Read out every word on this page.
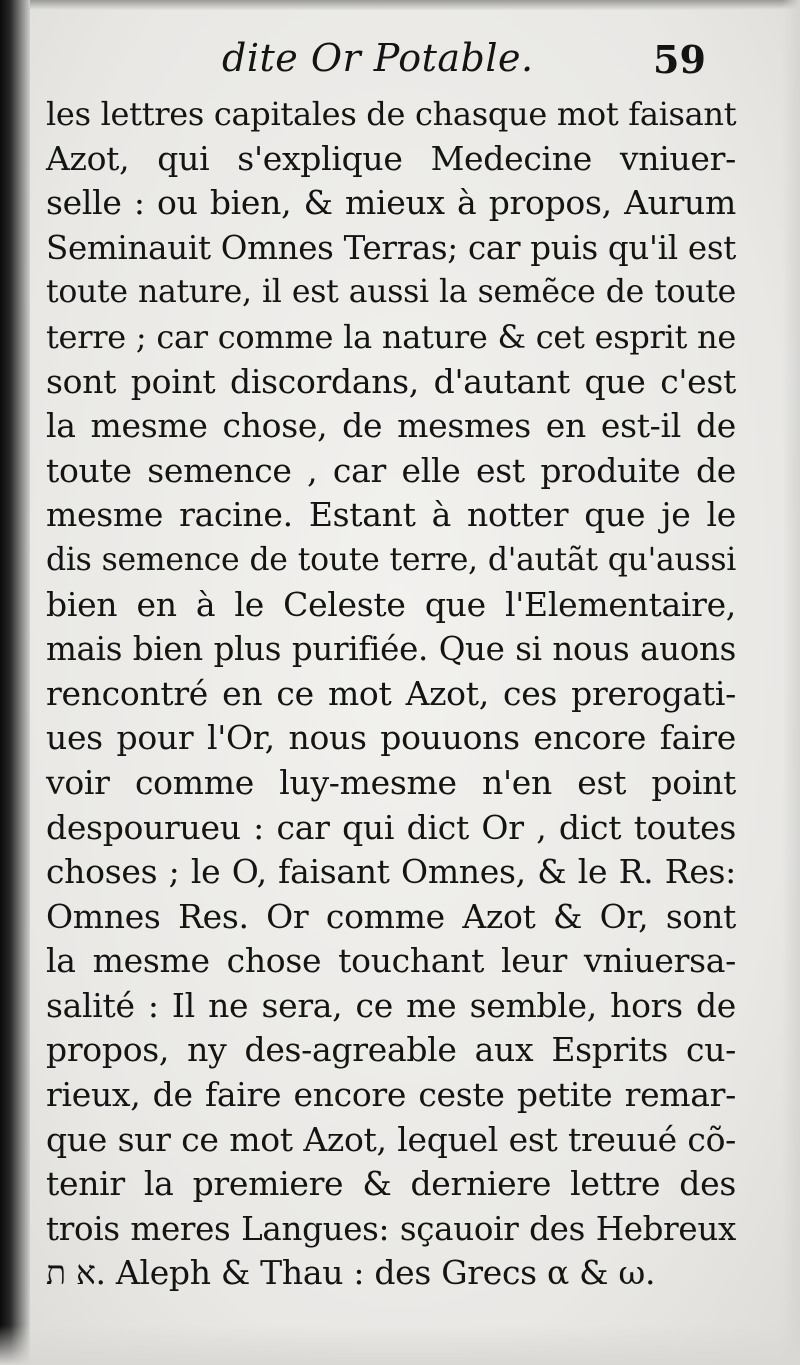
dite Or Potable.	59
les lettres capitales de chasque mot faisant
Azot, qui s'explique Medecine vniuer-
selle : ou bien, & mieux à propos, Aurum
Seminauit Omnes Terras; car puis qu'il est
toute nature, il est aussi la semẽce de toute
terre ; car comme la nature & cet esprit ne
sont point discordans, d'autant que c'est
la mesme chose, de mesmes en est-il de
toute semence , car elle est produite de
mesme racine. Estant à notter que je le
dis semence de toute terre, d'autãt qu'aussi
bien en à le Celeste que l'Elementaire,
mais bien plus purifiée. Que si nous auons
rencontré en ce mot Azot, ces prerogati-
ues pour l'Or, nous pouuons encore faire
voir comme luy-mesme n'en est point
despourueu : car qui dict Or , dict toutes
choses ; le O, faisant Omnes, & le R. Res:
Omnes Res. Or comme Azot & Or, sont
la mesme chose touchant leur vniuersa-
salité : Il ne sera, ce me semble, hors de
propos, ny des-agreable aux Esprits cu-
rieux, de faire encore ceste petite remar-
que sur ce mot Azot, lequel est treuué cõ-
tenir la premiere & derniere lettre des
trois meres Langues: sçauoir des Hebreux
א ת. Aleph & Thau : des Grecs α & ω.
